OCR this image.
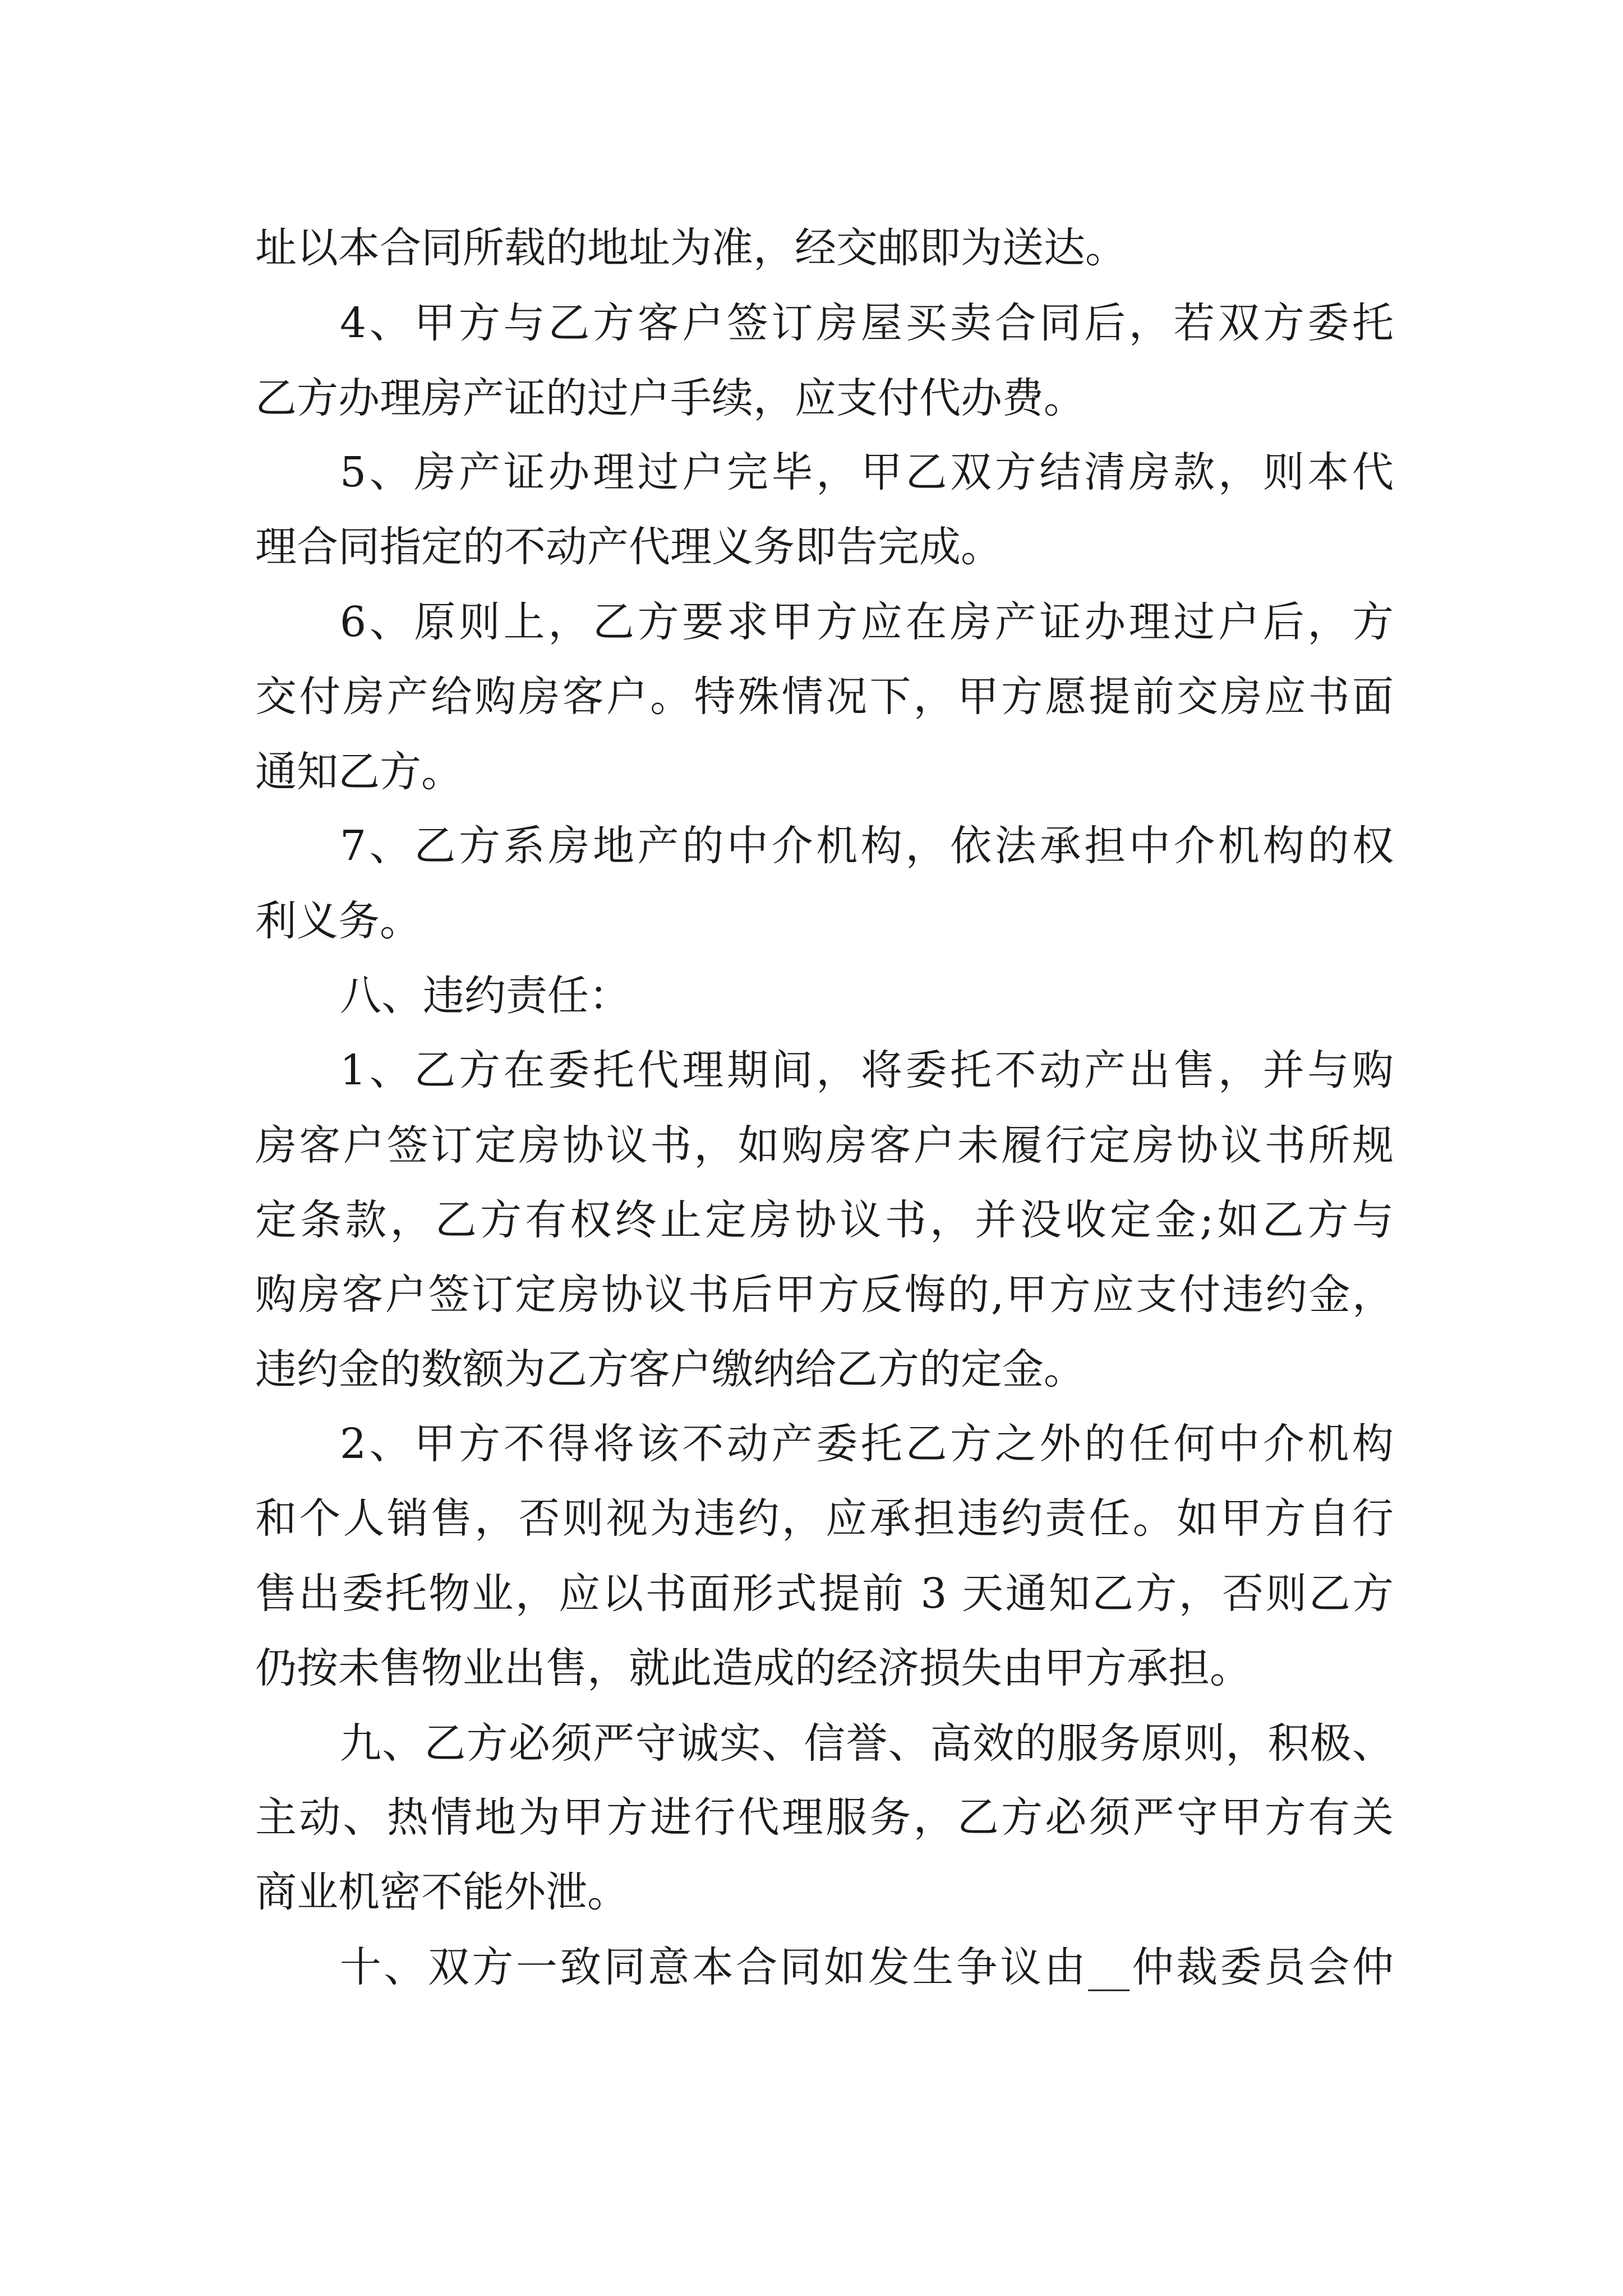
址以本合同所载的地址为准，经交邮即为送达。
4、甲方与乙方客户签订房屋买卖合同后，若双方委托
乙方办理房产证的过户手续，应支付代办费。
5、房产证办理过户完毕，甲乙双方结清房款，则本代
理合同指定的不动产代理义务即告完成。
6、原则上，乙方要求甲方应在房产证办理过户后，方
交付房产给购房客户。特殊情况下，甲方愿提前交房应书面
通知乙方。
7、乙方系房地产的中介机构，依法承担中介机构的权
利义务。
八、违约责任：
1、乙方在委托代理期间，将委托不动产出售，并与购
房客户签订定房协议书，如购房客户未履行定房协议书所规
定条款，乙方有权终止定房协议书，并没收定金;如乙方与
购房客户签订定房协议书后甲方反悔的,甲方应支付违约金，
违约金的数额为乙方客户缴纳给乙方的定金。
2、甲方不得将该不动产委托乙方之外的任何中介机构
和个人销售，否则视为违约，应承担违约责任。如甲方自行
售出委托物业，应以书面形式提前 3 天通知乙方，否则乙方
仍按未售物业出售，就此造成的经济损失由甲方承担。
九、乙方必须严守诚实、信誉、高效的服务原则，积极、
主动、热情地为甲方进行代理服务，乙方必须严守甲方有关
商业机密不能外泄。
十、双方一致同意本合同如发生争议由__仲裁委员会仲
